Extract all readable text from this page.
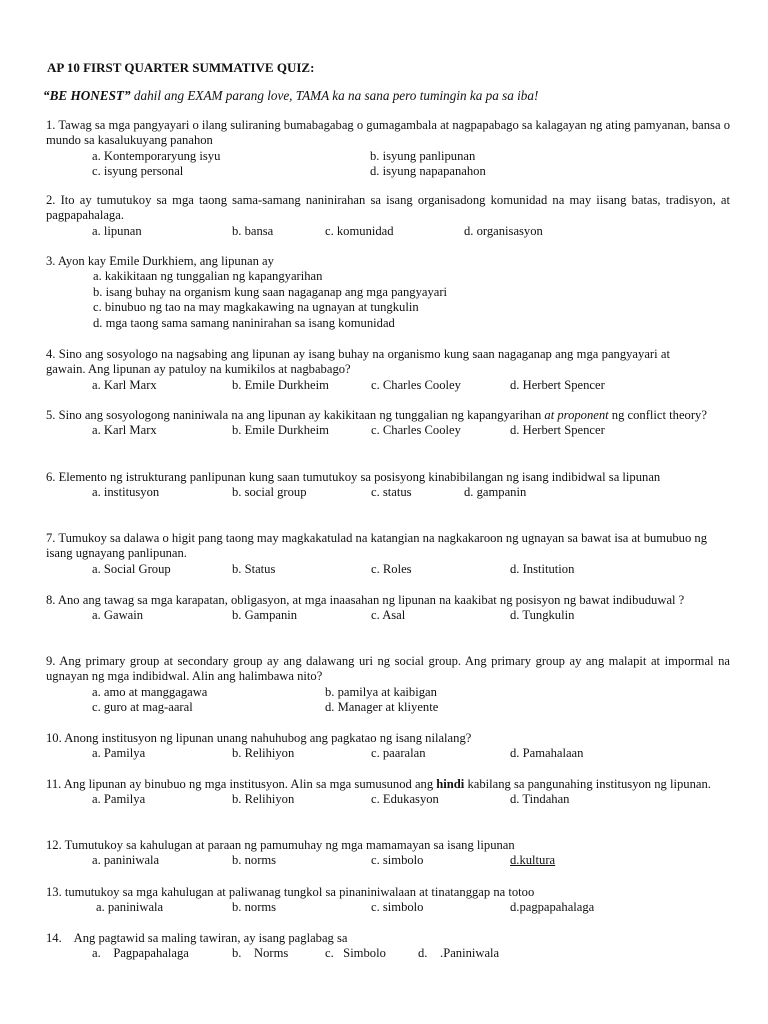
AP 10 FIRST QUARTER SUMMATIVE QUIZ:
“BE HONEST” dahil ang EXAM parang love, TAMA ka na sana pero tumingin ka pa sa iba!
1. Tawag sa mga pangyayari o ilang suliraning bumabagabag o gumagambala at nagpapabago sa kalagayan ng ating pamyanan, bansa o mundo sa kasalukuyang panahon
a. Kontemporaryung isyu	b. isyung panlipunan
c. isyung personal	d. isyung napapanahon
2. Ito ay tumutukoy sa mga taong sama-samang naninirahan sa isang organisadong komunidad na may iisang batas, tradisyon, at pagpapahalaga.
a. lipunan	b. bansa	c. komunidad	d. organisasyon
3. Ayon kay Emile Durkhiem, ang lipunan ay
a. kakikitaan ng tunggalian ng kapangyarihan
b. isang buhay na organism kung saan nagaganap ang mga pangyayari
c. binubuo ng tao na may magkakawing na ugnayan at tungkulin
d. mga taong sama samang naninirahan sa isang komunidad
4. Sino ang sosyologo na nagsabing ang lipunan ay isang buhay na organismo kung saan nagaganap ang mga pangyayari at gawain. Ang lipunan ay patuloy na kumikilos at nagbabago?
a. Karl Marx	b. Emile Durkheim	c. Charles Cooley	d. Herbert Spencer
5. Sino ang sosyologong naniniwala na ang lipunan ay kakikitaan ng tunggalian ng kapangyarihan at proponent ng conflict theory?
a. Karl Marx	b. Emile Durkheim	c. Charles Cooley	d. Herbert Spencer
6. Elemento ng istrukturang panlipunan kung saan tumutukoy sa posisyong kinabibilangan ng isang indibidwal sa lipunan
a. institusyon	b. social group	c. status	d. gampanin
7. Tumukoy sa dalawa o higit pang taong may magkakatulad na katangian na nagkakaroon ng ugnayan sa bawat isa at bumubuo ng isang ugnayang panlipunan.
a. Social Group	b. Status	c. Roles	d. Institution
8. Ano ang tawag sa mga karapatan, obligasyon, at mga inaasahan ng lipunan na kaakibat ng posisyon ng bawat indibuduwal ?
a. Gawain	b. Gampanin	c. Asal	d. Tungkulin
9. Ang primary group at secondary group ay ang dalawang uri ng social group. Ang primary group ay ang malapit at impormal na ugnayan ng mga indibidwal. Alin ang halimbawa nito?
a. amo at manggagawa	b. pamilya at kaibigan
c. guro at mag-aaral	d. Manager at kliyente
10. Anong institusyon ng lipunan unang nahuhubog ang pagkatao ng isang nilalang?
a. Pamilya	b. Relihiyon	c. paaralan	d. Pamahalaan
11. Ang lipunan ay binubuo ng mga institusyon. Alin sa mga sumusunod ang hindi kabilang sa pangunahing institusyon ng lipunan.
a. Pamilya	b. Relihiyon	c. Edukasyon	d. Tindahan
12. Tumutukoy sa kahulugan at paraan ng pamumuhay ng mga mamamayan sa isang lipunan
a. paniniwala	b. norms	c. simbolo	d.kultura
13. tumutukoy sa mga kahulugan at paliwanag tungkol sa pinaniniwalaan at tinatanggap na totoo
a. paniniwala	b. norms	c. simbolo	d.pagpapahalaga
14.    Ang pagtawid sa maling tawiran, ay isang paglabag sa
a.    Pagpapahalaga	b.    Norms	c.   Simbolo	d.    .Paniniwala
